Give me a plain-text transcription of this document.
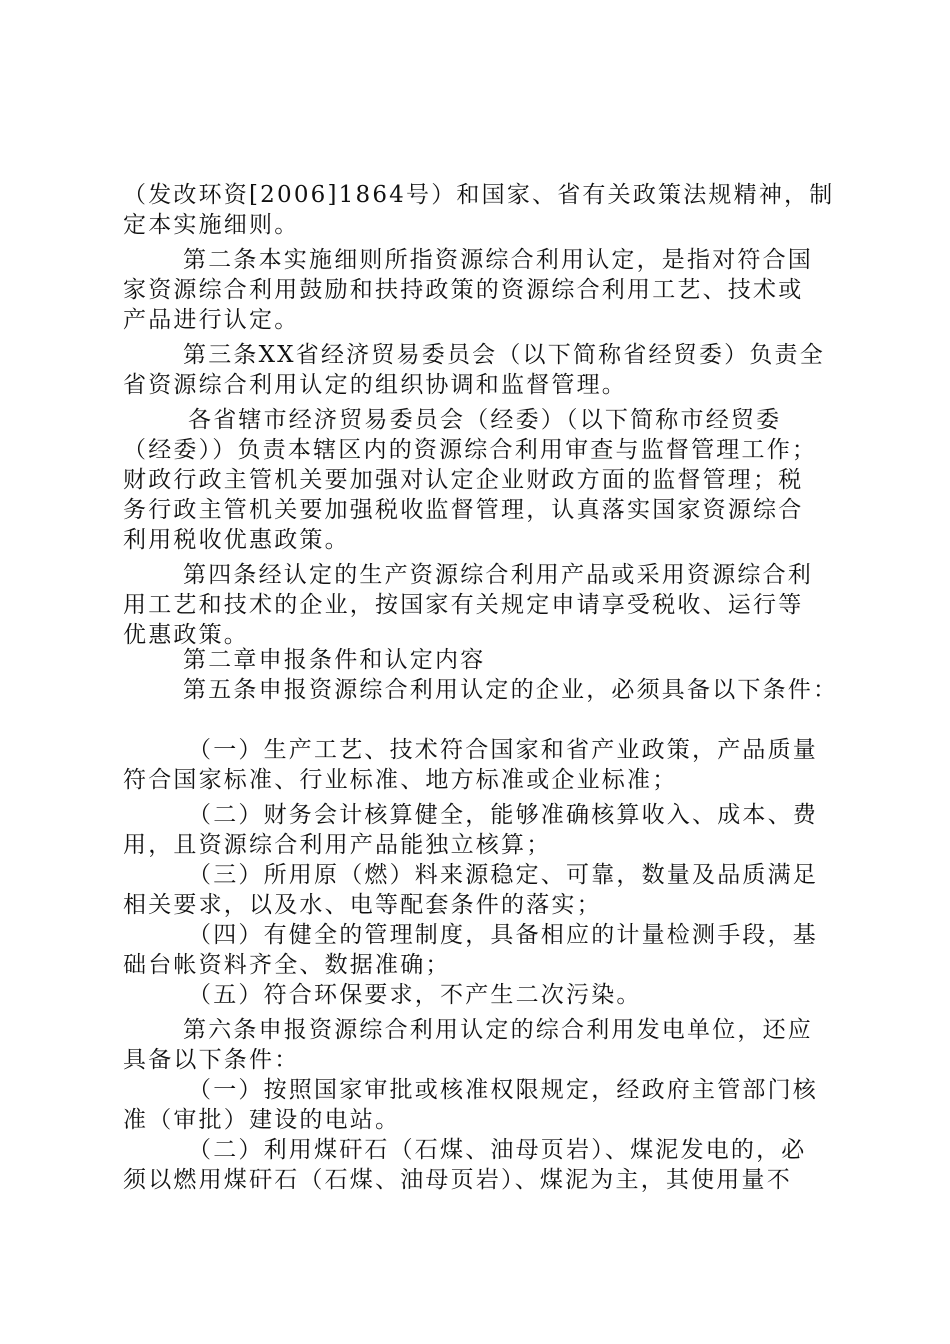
（发改环资[2006]1864号）和国家、省有关政策法规精神，制
定本实施细则。
第二条本实施细则所指资源综合利用认定，是指对符合国
家资源综合利用鼓励和扶持政策的资源综合利用工艺、技术或
产品进行认定。
第三条XX省经济贸易委员会（以下简称省经贸委）负责全
省资源综合利用认定的组织协调和监督管理。
各省辖市经济贸易委员会（经委）（以下简称市经贸委
（经委））负责本辖区内的资源综合利用审查与监督管理工作；
财政行政主管机关要加强对认定企业财政方面的监督管理；税
务行政主管机关要加强税收监督管理，认真落实国家资源综合
利用税收优惠政策。
第四条经认定的生产资源综合利用产品或采用资源综合利
用工艺和技术的企业，按国家有关规定申请享受税收、运行等
优惠政策。
第二章申报条件和认定内容
第五条申报资源综合利用认定的企业，必须具备以下条件：
（一）生产工艺、技术符合国家和省产业政策，产品质量
符合国家标准、行业标准、地方标准或企业标准；
（二）财务会计核算健全，能够准确核算收入、成本、费
用，且资源综合利用产品能独立核算；
（三）所用原（燃）料来源稳定、可靠，数量及品质满足
相关要求，以及水、电等配套条件的落实；
（四）有健全的管理制度，具备相应的计量检测手段，基
础台帐资料齐全、数据准确；
（五）符合环保要求，不产生二次污染。
第六条申报资源综合利用认定的综合利用发电单位，还应
具备以下条件：
（一）按照国家审批或核准权限规定，经政府主管部门核
准（审批）建设的电站。
（二）利用煤矸石（石煤、油母页岩）、煤泥发电的，必
须以燃用煤矸石（石煤、油母页岩）、煤泥为主，其使用量不
